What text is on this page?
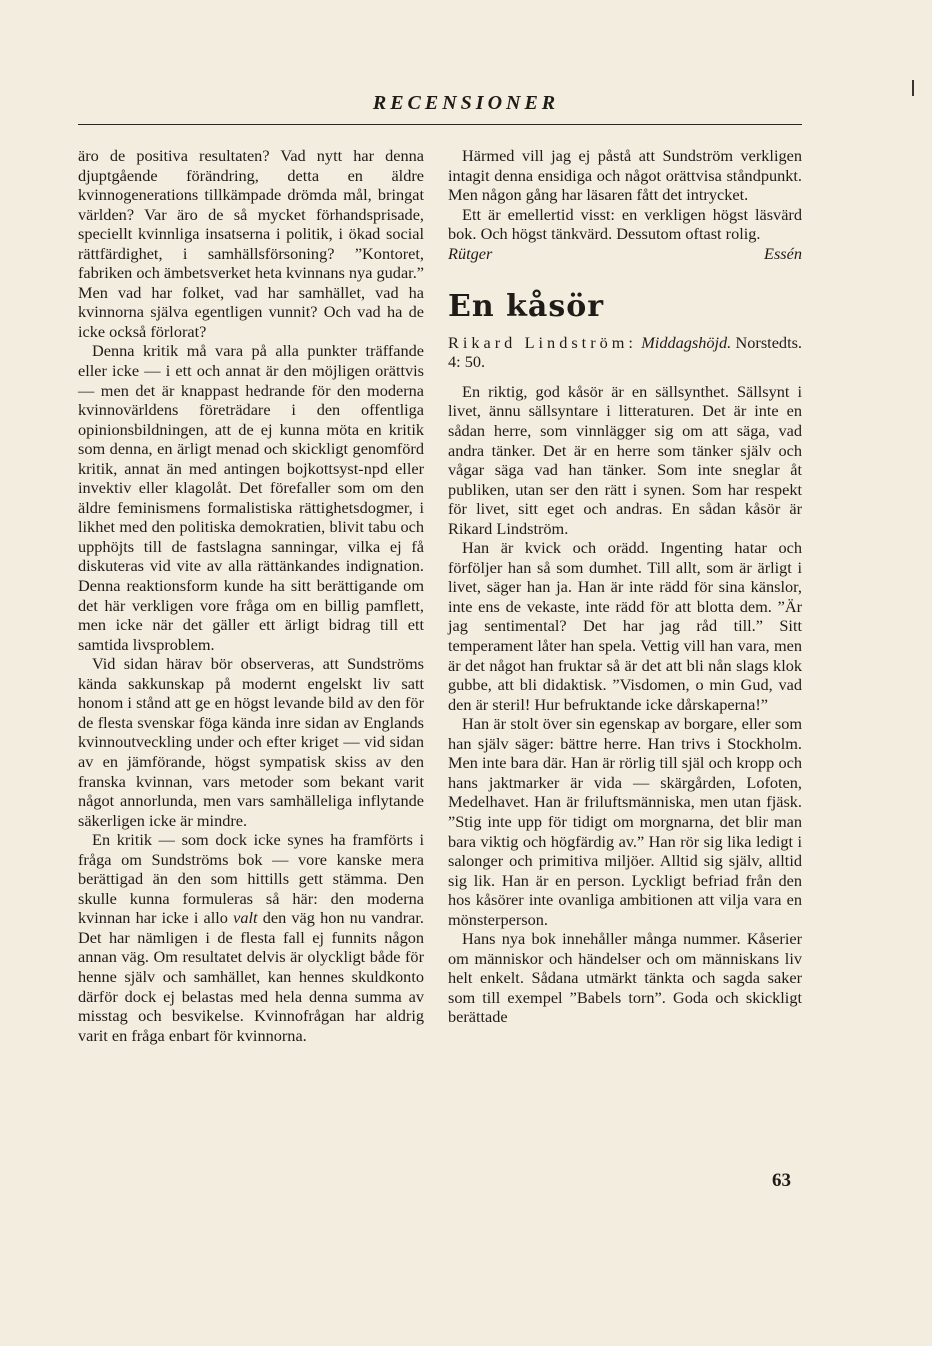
RECENSIONER

äro de positiva resultaten? Vad nytt har denna djuptgående förändring, detta en äldre kvinnogenerations tillkämpade drömda mål, bringat världen? Var äro de så mycket förhandsprisade, speciellt kvinnliga insatserna i politik, i ökad social rättfärdighet, i samhällsförsoning? ”Kontoret, fabriken och ämbetsverket heta kvinnans nya gudar.” Men vad har folket, vad har samhället, vad ha kvinnorna själva egentligen vunnit? Och vad ha de icke också förlorat?

Denna kritik må vara på alla punkter träffande eller icke — i ett och annat är den möjligen orättvis — men det är knappast hedrande för den moderna kvinnovärldens företrädare i den offentliga opinionsbildningen, att de ej kunna möta en kritik som denna, en ärligt menad och skickligt genomförd kritik, annat än med antingen bojkottsyst-npd eller invektiv eller klagolåt. Det förefaller som om den äldre feminismens formalistiska rättighetsdogmer, i likhet med den politiska demokratien, blivit tabu och upphöjts till de fastslagna sanningar, vilka ej få diskuteras vid vite av alla rättänkandes indignation. Denna reaktionsform kunde ha sitt berättigande om det här verkligen vore fråga om en billig pamflett, men icke när det gäller ett ärligt bidrag till ett samtida livsproblem.

Vid sidan härav bör observeras, att Sundströms kända sakkunskap på modernt engelskt liv satt honom i stånd att ge en högst levande bild av den för de flesta svenskar föga kända inre sidan av Englands kvinnoutveckling under och efter kriget — vid sidan av en jämförande, högst sympatisk skiss av den franska kvinnan, vars metoder som bekant varit något annorlunda, men vars samhälleliga inflytande säkerligen icke är mindre.

En kritik — som dock icke synes ha framförts i fråga om Sundströms bok — vore kanske mera berättigad än den som hittills gett stämma. Den skulle kunna formuleras så här: den moderna kvinnan har icke i allo valt den väg hon nu vandrar. Det har nämligen i de flesta fall ej funnits någon annan väg. Om resultatet delvis är olyckligt både för henne själv och samhället, kan hennes skuldkonto därför dock ej belastas med hela denna summa av misstag och besvikelse. Kvinnofrågan har aldrig varit en fråga enbart för kvinnorna.

Härmed vill jag ej påstå att Sundström verkligen intagit denna ensidiga och något orättvisa ståndpunkt. Men någon gång har läsaren fått det intrycket.

Ett är emellertid visst: en verkligen högst läsvärd bok. Och högst tänkvärd. Dessutom oftast rolig.

Rütger Essén

En kåsör

Rikard Lindström: Middagshöjd. Norstedts. 4: 50.

En riktig, god kåsör är en sällsynthet. Sällsynt i livet, ännu sällsyntare i litteraturen. Det är inte en sådan herre, som vinnlägger sig om att säga, vad andra tänker. Det är en herre som tänker själv och vågar säga vad han tänker. Som inte sneglar åt publiken, utan ser den rätt i synen. Som har respekt för livet, sitt eget och andras. En sådan kåsör är Rikard Lindström.

Han är kvick och orädd. Ingenting hatar och förföljer han så som dumhet. Till allt, som är ärligt i livet, säger han ja. Han är inte rädd för sina känslor, inte ens de vekaste, inte rädd för att blotta dem. ”Är jag sentimental? Det har jag råd till.” Sitt temperament låter han spela. Vettig vill han vara, men är det något han fruktar så är det att bli nån slags klok gubbe, att bli didaktisk. ”Visdomen, o min Gud, vad den är steril! Hur befruktande icke dårskaperna!”

Han är stolt över sin egenskap av borgare, eller som han själv säger: bättre herre. Han trivs i Stockholm. Men inte bara där. Han är rörlig till själ och kropp och hans jaktmarker är vida — skärgården, Lofoten, Medelhavet. Han är friluftsmänniska, men utan fjäsk. ”Stig inte upp för tidigt om morgnarna, det blir man bara viktig och högfärdig av.” Han rör sig lika ledigt i salonger och primitiva miljöer. Alltid sig själv, alltid sig lik. Han är en person. Lyckligt befriad från den hos kåsörer inte ovanliga ambitionen att vilja vara en mönsterperson.

Hans nya bok innehåller många nummer. Kåserier om människor och händelser och om människans liv helt enkelt. Sådana utmärkt tänkta och sagda saker som till exempel ”Babels torn”. Goda och skickligt berättade

63
